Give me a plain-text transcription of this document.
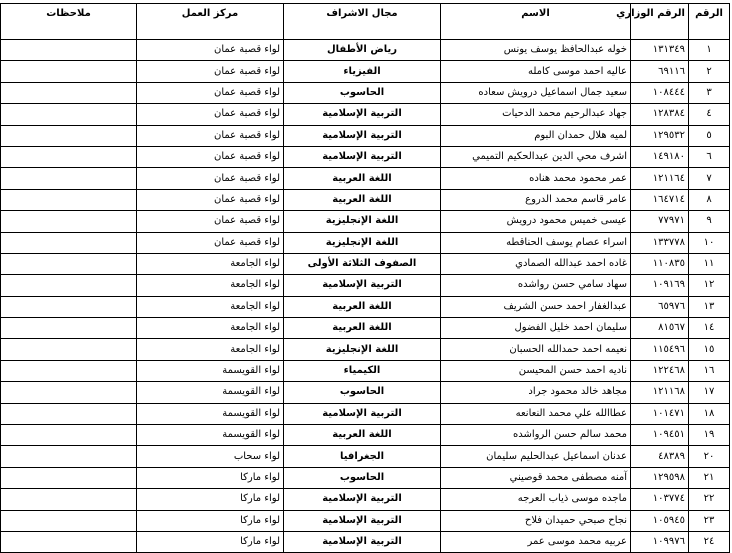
الرقم	الرقم الوزاري	الاسم	مجال الاشراف	مركز العمل	ملاحظات
١	١٣١٣٤٩	خوله عبدالحافظ يوسف يونس	رياض الأطفال	لواء قصبة عمان	
٢	٦٩١١٦	عاليه احمد موسى كامله	الفيزياء	لواء قصبة عمان	
٣	١٠٨٤٤٤	سعيد جمال اسماعيل درويش سعاده	الحاسوب	لواء قصبة عمان	
٤	١٢٨٣٨٤	جهاد عبدالرحيم محمد الدحيات	التربية الإسلامية	لواء قصبة عمان	
٥	١٢٩٥٣٢	لميه هلال حمدان البوم	التربية الإسلامية	لواء قصبة عمان	
٦	١٤٩١٨٠	اشرف محي الدين عبدالحكيم التميمي	التربية الإسلامية	لواء قصبة عمان	
٧	١٢١١٦٤	عمر محمود محمد هناده	اللغة العربية	لواء قصبة عمان	
٨	١٦٤٧١٤	عامر قاسم محمد الدروع	اللغة العربية	لواء قصبة عمان	
٩	٧٧٩٧١	عيسى خميس محمود درويش	اللغة الإنجليزية	لواء قصبة عمان	
١٠	١٣٣٧٧٨	اسراء عصام يوسف الحناقطه	اللغة الإنجليزية	لواء قصبة عمان	
١١	١١٠٨٣٥	غاده احمد عبدالله الصمادي	الصفوف الثلاثة الأولى	لواء الجامعة	
١٢	١٠٩١٦٩	سهاد سامي حسن رواشده	التربية الإسلامية	لواء الجامعة	
١٣	٦٥٩٧٦	عبدالغفار احمد حسن الشريف	اللغة العربية	لواء الجامعة	
١٤	٨١٥٦٧	سليمان احمد خليل الفضول	اللغة العربية	لواء الجامعة	
١٥	١١٥٤٩٦	نعيمه احمد حمدالله الحسبان	اللغة الإنجليزية	لواء الجامعة	
١٦	١٢٢٤٦٨	ناديه احمد حسن المحيسن	الكيمياء	لواء القويسمة	
١٧	١٢١١٦٨	مجاهد خالد محمود جراد	الحاسوب	لواء القويسمة	
١٨	١٠١٤٧١	عطاالله علي محمد النعانعه	التربية الإسلامية	لواء القويسمة	
١٩	١٠٩٤٥١	محمد سالم حسن الرواشده	اللغة العربية	لواء القويسمة	
٢٠	٤٨٣٨٩	عدنان اسماعيل عبدالحليم سليمان	الجغرافيا	لواء سحاب	
٢١	١٢٩٥٩٨	آمنه مصطفى محمد قوصيني	الحاسوب	لواء ماركا	
٢٢	١٠٣٧٧٤	ماجده موسى ذياب العرجه	التربية الإسلامية	لواء ماركا	
٢٣	١٠٥٩٤٥	نجاح صبحي حميدان فلاح	التربية الإسلامية	لواء ماركا	
٢٤	١٠٩٩٧٦	عربيه محمد موسى عمر	التربية الإسلامية	لواء ماركا	
